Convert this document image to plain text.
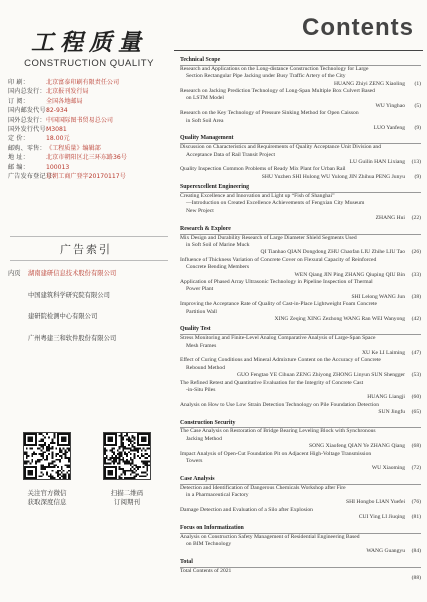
工程质量
CONSTRUCTION QUALITY
印 刷：	北京富泰印刷有限责任公司
国内总发行： 北京报刊发行局
订 阅：	全国各地邮局
国内邮发代号：
82-934
国外总发行： 中国国际图书贸易总公司
国外发行代号：
M3081
定 价：	18.00元
邮购、零售： 《工程质量》编辑部
地 址：	北京市朝阳区北三环东路36号
邮 编：	100013
广告发布登记号：
京朝工商广登字20170117号
广告索引
内页	湖南建研信息技术股份有限公司
中国建筑科学研究院有限公司
建研院检测中心有限公司
广州粤建三和软件股份有限公司
关注官方微信
获取深度信息
扫描二维码
订阅期刊
Contents
Technical Scope
Research and Applications on the Long-distance Construction Technology for Large
Section Rectangular Pipe Jacking under Busy Traffic Artery of the City
HUANG Zhiyi ZENG Xiaoling	(1)
Research on Jacking Prediction Technology of Long-Span Multiple Box Culvert Based
on LSTM Model
WU Yinghao	(5)
Research on the Key Technology of Pressure Sinking Method for Open Caisson
in Soft Soil Area
LUO Yanfeng	(9)
Quality Management
Discussion on Characteristics and Requirements of Quality Acceptance Unit Division and
Acceptance Data of Rail Transit Project
LU Guilin HAN Lixiang	(13)
Quality Inspection Common Problems of Ready Mix Plant for Urban Rail
SHU Yuzhen SHI Hulong WU Yulong JIN Zhihua PENG Junyu	(9)
Superexcellent Engineering
Creating Excellence and Innovation and Light up “Fish of Shanghai”
—Introduction on Created Excellence Achievements of Fengxian City Museum
New Project
ZHANG Hui	(22)
Research & Explore
Mix Design and Durability Research of Large Diameter Shield Segments Used
in Soft Soil of Marine Muck
QI Tianhao QIAN Dongdong ZHU Chaofan LIU Zhihe LIU Tao	(26)
Influence of Thickness Variation of Concrete Cover on Flexural Capacity of Reinforced
Concrete Bending Members
WEN Qiang JIN Ping ZHANG Qiuping QIU Bin	(33)
Application of Phased Array Ultrasonic Technology in Pipeline Inspection of Thermal
Power Plant
SHI Lelong WANG Jun	(38)
Improving the Acceptance Rate of Quality of Cast-in-Place Lightweight Foam Concrete
Partition Wall
XING Zeqing XING Zezhong WANG Ran WEI Wanyong	(42)
Quality Test
Stress Monitoring and Finite-Level Analog Comparative Analysis of Large-Span Space
Mesh Frames
XU Ke LI Laiming	(47)
Effect of Curing Conditions and Mineral Admixture Content on the Accuracy of Concrete
Rebound Method
GUO Fengtao YE Cihuan ZENG Zhiyong ZHONG Linyun SUN Shengger	(53)
The Refined Retest and Quantitative Evaluation for the Integrity of Concrete Cast
-in-Situ Piles
HUANG Liangji	(60)
Analysis on How to Use Low Strain Detection Technology on Pile Foundation Detection
SUN Jingfu	(65)
Construction Security
The Case Analysis on Restoration of Bridge Bearing Leveling Block with Synchronous
Jacking Method
SONG Xiaofeng QIAN Ye ZHANG Qiang	(68)
Impact Analysis of Open-Cut Foundation Pit on Adjacent High-Voltage Transmission
Towers
WU Xiaoming	(72)
Case Analysis
Detection and Identification of Dangerous Chemicals Workshop after Fire
in a Pharmaceutical Factory
SHI Hongbo LIAN Yuefei	(76)
Damage Detection and Evaluation of a Silo after Explosion
CUI Ying LI Jiuqing	(81)
Focus on Informatization
Analysis on Construction Safety Management of Residential Engineering Based
on BIM Technology
WANG Guangyu	(84)
Total
Total Contents of 2021
(88)
